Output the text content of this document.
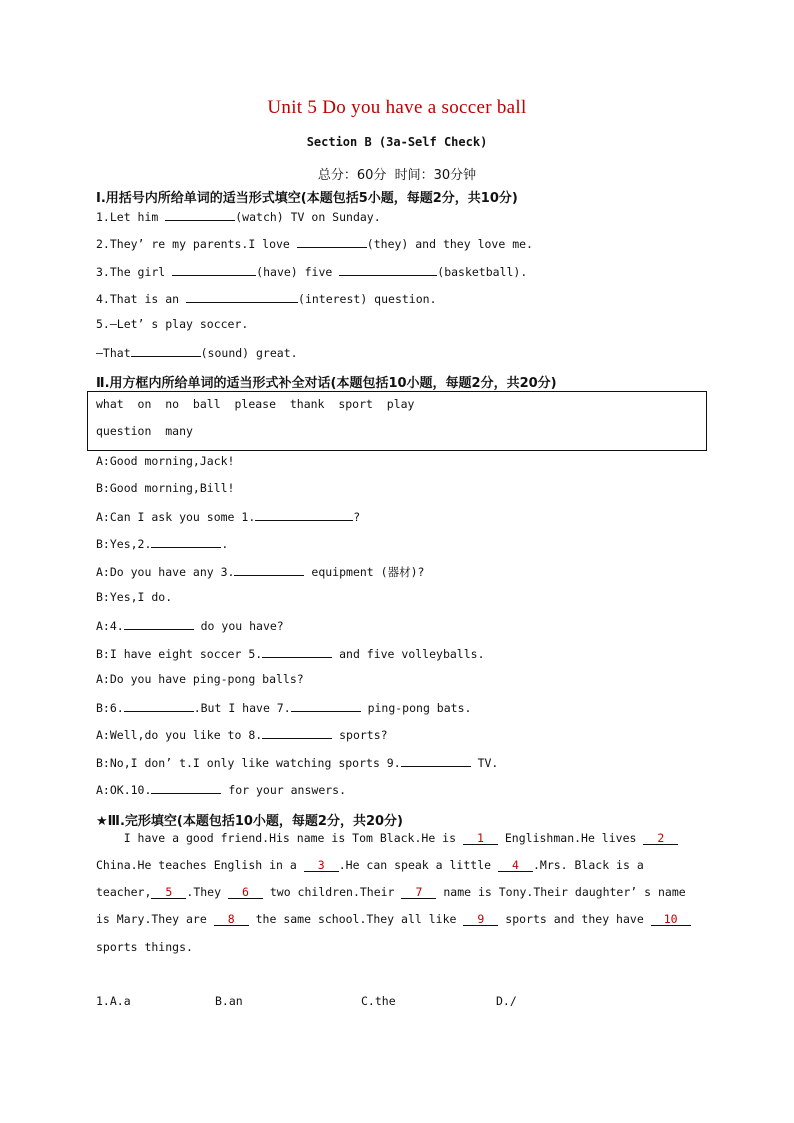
Unit 5 Do you have a soccer ball
Section B (3a-Self Check)
总分：60分  时间：30分钟
Ⅰ.用括号内所给单词的适当形式填空(本题包括5小题，每题2分，共10分)
1.Let him	(watch) TV on Sunday.
2.They’ re my parents.I love	(they) and they love me.
3.The girl	(have) five	(basketball).
4.That is an	(interest) question.
5.—Let’ s play soccer.
—That	(sound) great.
Ⅱ.用方框内所给单词的适当形式补全对话(本题包括10小题，每题2分，共20分)
what  on  no  ball  please  thank  sport  play
question  many
A:Good morning,Jack!
B:Good morning,Bill!
A:Can I ask you some 1.	?
B:Yes,2.	.
A:Do you have any 3.	equipment (器材)?
B:Yes,I do.
A:4.	do you have?
B:I have eight soccer 5.	and five volleyballs.
A:Do you have ping-pong balls?
B:6.	.But I have 7.	ping-pong bats.
A:Well,do you like to 8.	sports?
B:No,I don’ t.I only like watching sports 9.	TV.
A:OK.10.	for your answers.
★Ⅲ.完形填空(本题包括10小题，每题2分，共20分)
I have a good friend.His name is Tom Black.He is 1 Englishman.He lives 2
China.He teaches English in a 3 .He can speak a little 4 .Mrs. Black is a
teacher, 5 .They 6 two children.Their 7 name is Tony.Their daughter’ s name
is Mary.They are 8 the same school.They all like 9 sports and they have 10
sports things.
1.A.a	B.an	C.the	D./
